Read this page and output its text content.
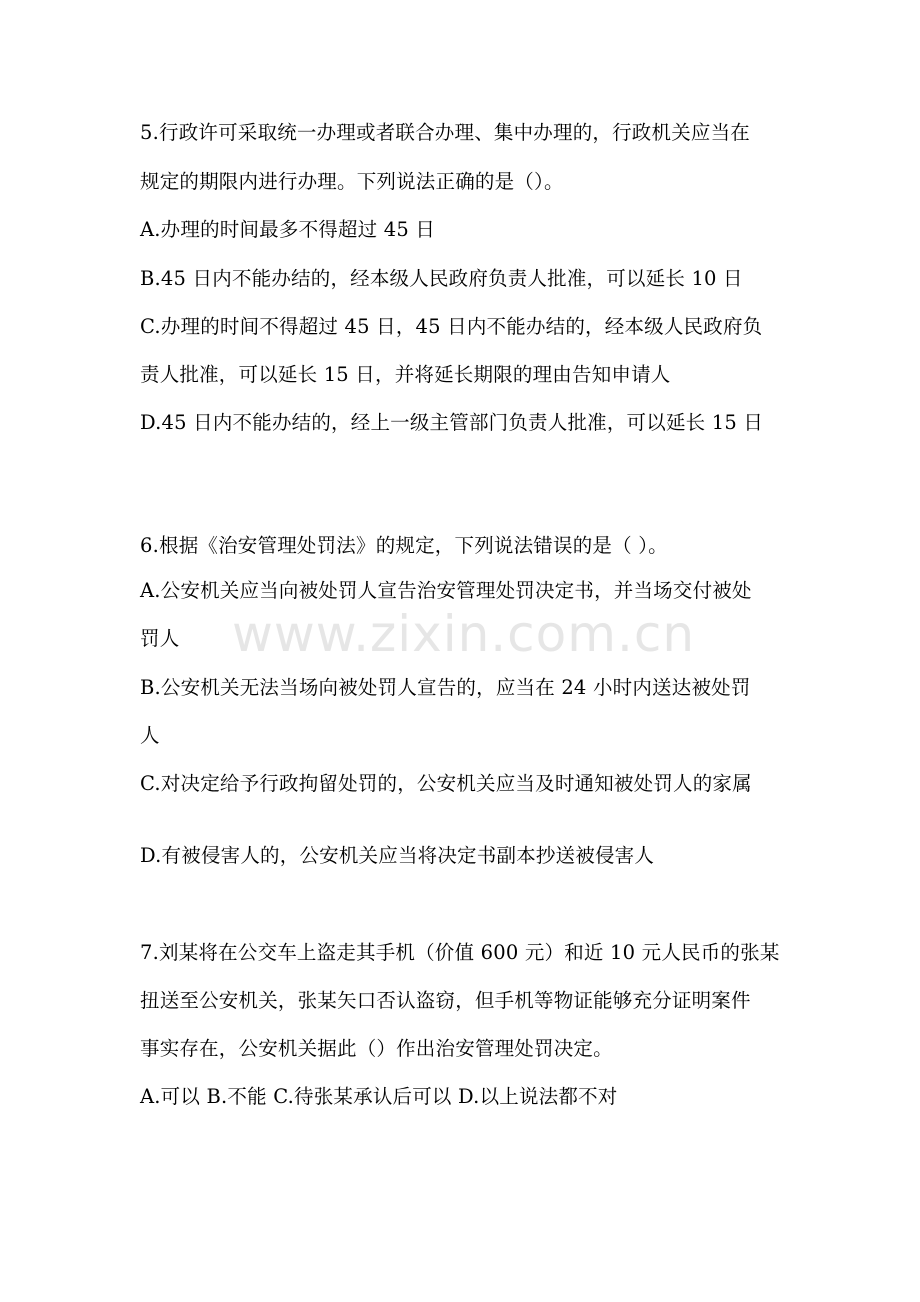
www.zixin.com.cn
5.行政许可采取统一办理或者联合办理、集中办理的，行政机关应当在
规定的期限内进行办理。下列说法正确的是（）。
A.办理的时间最多不得超过 45 日
B.45 日内不能办结的，经本级人民政府负责人批准，可以延长 10 日
C.办理的时间不得超过 45 日，45 日内不能办结的，经本级人民政府负
责人批准，可以延长 15 日，并将延长期限的理由告知申请人
D.45 日内不能办结的，经上一级主管部门负责人批准，可以延长 15 日
6.根据《治安管理处罚法》的规定，下列说法错误的是（ ）。
A.公安机关应当向被处罚人宣告治安管理处罚决定书，并当场交付被处
罚人
B.公安机关无法当场向被处罚人宣告的，应当在 24 小时内送达被处罚
人
C.对决定给予行政拘留处罚的，公安机关应当及时通知被处罚人的家属
D.有被侵害人的，公安机关应当将决定书副本抄送被侵害人
7.刘某将在公交车上盗走其手机（价值 600 元）和近 10 元人民币的张某
扭送至公安机关，张某矢口否认盗窃，但手机等物证能够充分证明案件
事实存在，公安机关据此（）作出治安管理处罚决定。
A.可以 B.不能 C.待张某承认后可以 D.以上说法都不对
